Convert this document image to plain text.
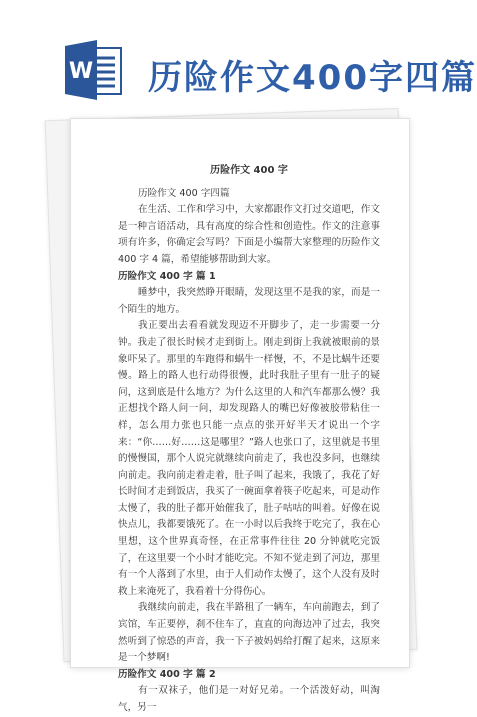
W 历险作文400字四篇
历险作文 400 字
历险作文 400 字四篇

在生活、工作和学习中，大家都跟作文打过交道吧，作文是一种言语活动，具有高度的综合性和创造性。作文的注意事项有许多，你确定会写吗？下面是小编帮大家整理的历险作文 400 字 4 篇，希望能够帮助到大家。

历险作文 400 字 篇 1

睡梦中，我突然睁开眼睛，发现这里不是我的家，而是一个陌生的地方。

我正要出去看看就发现迈不开脚步了，走一步需要一分钟。我走了很长时候才走到街上。刚走到街上我就被眼前的景象吓呆了。那里的车跑得和蜗牛一样慢，不，不是比蜗牛还要慢。路上的路人也行动得很慢，此时我肚子里有一肚子的疑问，这到底是什么地方？为什么这里的人和汽车都那么慢？我正想找个路人问一问，却发现路人的嘴巴好像被胶带粘住一样，怎么用力张也只能一点点的张开好半天才说出一个字来：“你……好……这是哪里？”路人也张口了，这里就是书里的慢慢国，那个人说完就继续向前走了，我也没多问，也继续向前走。我向前走着走着，肚子叫了起来，我饿了，我花了好长时间才走到饭店，我买了一碗面拿着筷子吃起来，可是动作太慢了，我的肚子都开始催我了，肚子咕咕的叫着。好像在说快点儿，我都要饿死了。在一小时以后我终于吃完了，我在心里想，这个世界真奇怪，在正常事件往往 20 分钟就吃完饭了，在这里要一个小时才能吃完。不知不觉走到了河边，那里有一个人落到了水里，由于人们动作太慢了，这个人没有及时救上来淹死了，我看着十分得伤心。

我继续向前走，我在半路租了一辆车，车向前跑去，到了宾馆，车正要停，刹不住车了，直直的向海边冲了过去，我突然听到了惊恐的声音，我一下子被妈妈给打醒了起来，这原来是一个梦啊!

历险作文 400 字 篇 2

有一双袜子，他们是一对好兄弟。一个活泼好动，叫淘气，另一
